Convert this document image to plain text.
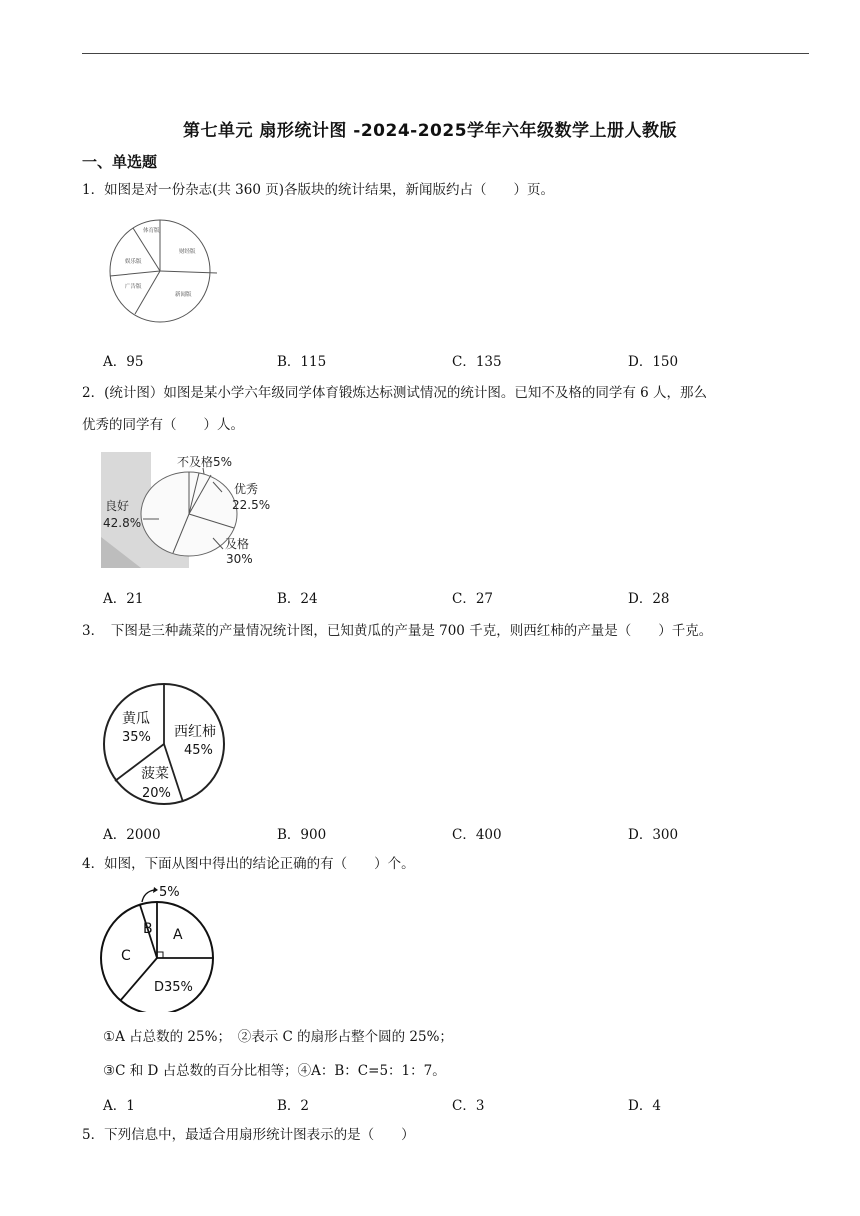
第七单元 扇形统计图 -2024-2025学年六年级数学上册人教版
一、单选题
1．如图是对一份杂志(共 360 页)各版块的统计结果，新闻版约占（　　）页。
体育版
财经版
娱乐版
广告版
新闻版
A．95	B．115	C．135	D．150
2．(统计图）如图是某小学六年级同学体育锻炼达标测试情况的统计图。已知不及格的同学有 6 人，那么
优秀的同学有（　　）人。
不及格5%
优秀
22.5%
良好
42.8%
及格
30%
A．21	B．24	C．27	D．28
3．　下图是三种蔬菜的产量情况统计图，已知黄瓜的产量是 700 千克，则西红柿的产量是（　　）千克。
黄瓜
35% 西红柿
45%
菠菜
20%
A．2000	B．900	C．400	D．300
4．如图，下面从图中得出的结论正确的有（　　）个。
5%
A
B
C
D35%
①A 占总数的 25%；　②表示 C 的扇形占整个圆的 25%；
③C 和 D 占总数的百分比相等；④A：B：C=5：1：7。
A．1	B．2	C．3	D．4
5．下列信息中，最适合用扇形统计图表示的是（　　）
